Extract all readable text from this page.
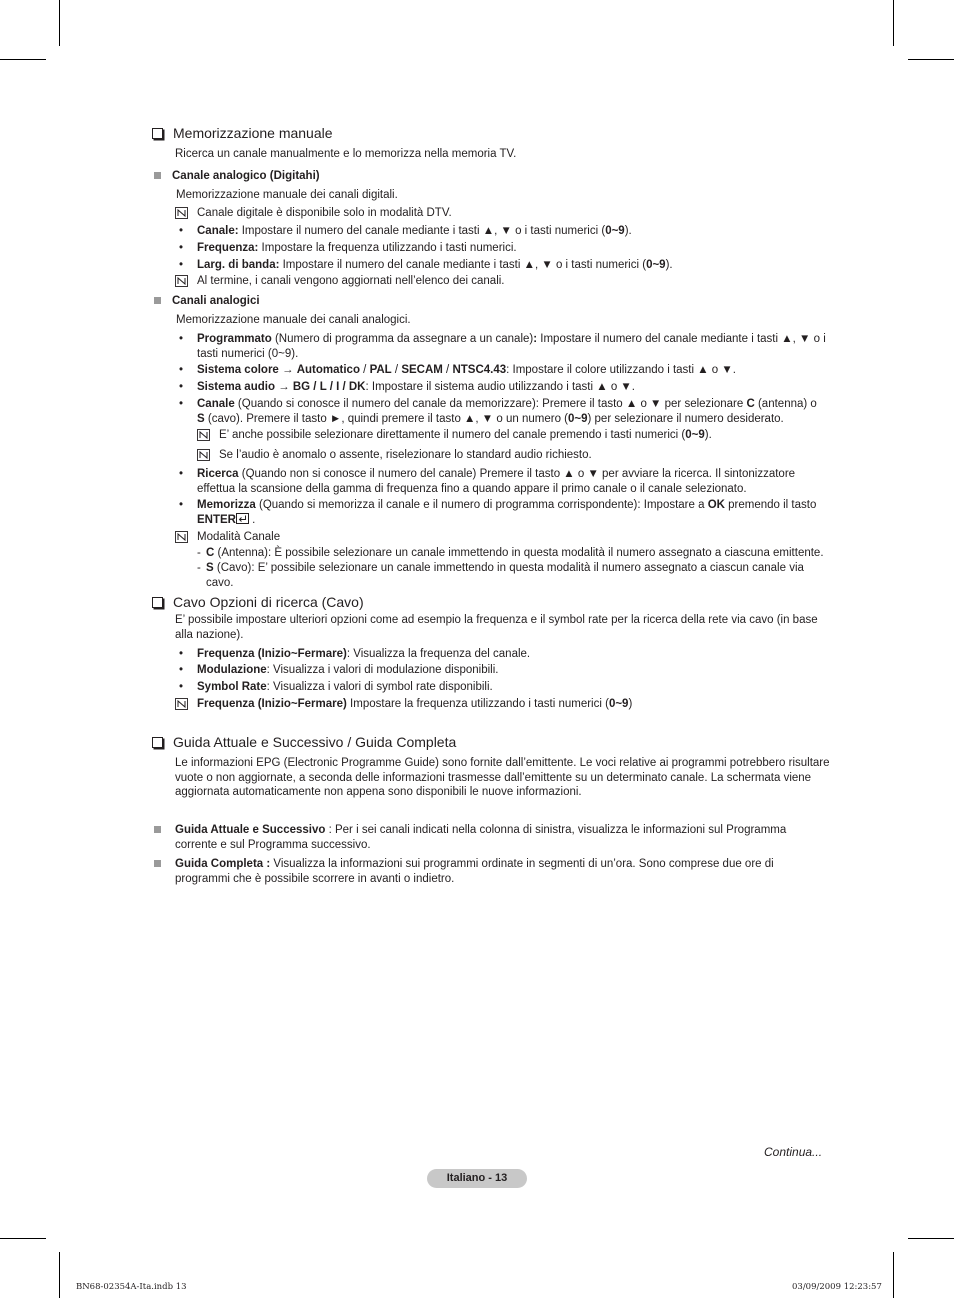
Memorizzazione manuale
Ricerca un canale manualmente e lo memorizza nella memoria TV.
Canale analogico (Digitahi)
Memorizzazione manuale dei canali digitali.
Canale digitale è disponibile solo in modalità DTV.
• Canale: Impostare il numero del canale mediante i tasti ▲, ▼ o i tasti numerici (0~9).
• Frequenza: Impostare la frequenza utilizzando i tasti numerici.
• Larg. di banda: Impostare il numero del canale mediante i tasti ▲, ▼ o i tasti numerici (0~9).
Al termine, i canali vengono aggiornati nell’elenco dei canali.
Canali analogici
Memorizzazione manuale dei canali analogici.
• Programmato (Numero di programma da assegnare a un canale): Impostare il numero del canale mediante i tasti ▲, ▼ o i tasti numerici (0~9).
• Sistema colore → Automatico / PAL / SECAM / NTSC4.43: Impostare il colore utilizzando i tasti ▲ o ▼.
• Sistema audio → BG / L / I / DK: Impostare il sistema audio utilizzando i tasti ▲ o ▼.
• Canale (Quando si conosce il numero del canale da memorizzare): Premere il tasto ▲ o ▼ per selezionare C (antenna) o S (cavo). Premere il tasto ►, quindi premere il tasto ▲, ▼ o un numero (0~9) per selezionare il numero desiderato.
E’ anche possibile selezionare direttamente il numero del canale premendo i tasti numerici (0~9).
Se l’audio è anomalo o assente, riselezionare lo standard audio richiesto.
• Ricerca (Quando non si conosce il numero del canale) Premere il tasto ▲ o ▼ per avviare la ricerca. Il sintonizzatore effettua la scansione della gamma di frequenza fino a quando appare il primo canale o il canale selezionato.
• Memorizza (Quando si memorizza il canale e il numero di programma corrispondente): Impostare a OK premendo il tasto
ENTER .
Modalità Canale
- C (Antenna): È possibile selezionare un canale immettendo in questa modalità il numero assegnato a ciascuna emittente.
- S (Cavo): E’ possibile selezionare un canale immettendo in questa modalità il numero assegnato a ciascun canale via cavo.
Cavo Opzioni di ricerca (Cavo)
E’ possibile impostare ulteriori opzioni come ad esempio la frequenza e il symbol rate per la ricerca della rete via cavo (in base alla nazione).
• Frequenza (Inizio~Fermare): Visualizza la frequenza del canale.
• Modulazione: Visualizza i valori di modulazione disponibili.
• Symbol Rate: Visualizza i valori di symbol rate disponibili.
Frequenza (Inizio~Fermare) Impostare la frequenza utilizzando i tasti numerici (0~9)
Guida Attuale e Successivo / Guida Completa
Le informazioni EPG (Electronic Programme Guide) sono fornite dall’emittente. Le voci relative ai programmi potrebbero risultare vuote o non aggiornate, a seconda delle informazioni trasmesse dall’emittente su un determinato canale. La schermata viene aggiornata automaticamente non appena sono disponibili le nuove informazioni.
Guida Attuale e Successivo : Per i sei canali indicati nella colonna di sinistra, visualizza le informazioni sul Programma corrente e sul Programma successivo.
Guida Completa : Visualizza la informazioni sui programmi ordinate in segmenti di un’ora. Sono comprese due ore di programmi che è possibile scorrere in avanti o indietro.
Continua...
Italiano - 13
BN68-02354A-Ita.indb 13	03/09/2009 12:23:57
